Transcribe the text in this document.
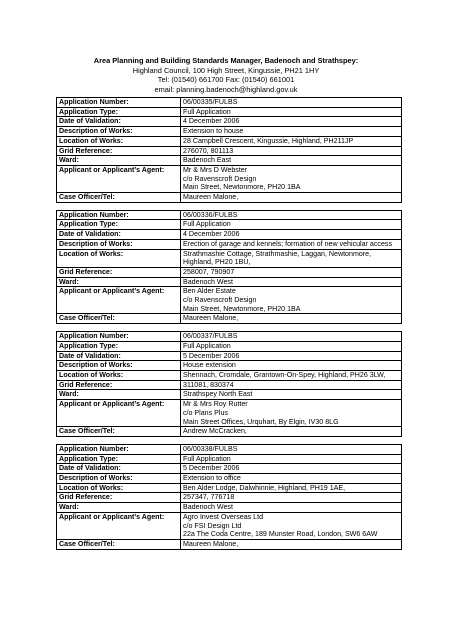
Area Planning and Building Standards Manager, Badenoch and Strathspey:
Highland Council, 100 High Street, Kingussie, PH21 1HY
Tel: (01540) 661700 Fax: (01540) 661001
email: planning.badenoch@highland.gov.uk
Application Number:	06/00335/FULBS
Application Type:	Full Application
Date of Validation:	4 December 2006
Description of Works:	Extension to house
Location of Works:	28 Campbell Crescent, Kingussie, Highland, PH211JP
Grid Reference:	276070, 801113
Ward:	Badenoch East
Applicant or Applicant’s Agent:	Mr & Mrs D Webster
c/o Ravenscroft Design
Main Street, Newtonmore, PH20 1BA

Case Officer/Tel:	Maureen Malone,
Application Number:	06/00336/FULBS
Application Type:	Full Application
Date of Validation:	4 December 2006
Description of Works:	Erection of garage and kennels; formation of new vehicular access
Location of Works:	Strathmashie Cottage, Strathmashie, Laggan, Newtonmore, Highland, PH20 1BU,
Grid Reference:	258007, 790907
Ward:	Badenoch West
Applicant or Applicant’s Agent:	Ben Alder Estate
c/o Ravenscroft Design
Main Street, Newtonmore, PH20 1BA

Case Officer/Tel:	Maureen Malone,
Application Number:	06/00337/FULBS
Application Type:	Full Application
Date of Validation:	5 December 2006
Description of Works:	House extension
Location of Works:	Shennach, Cromdale, Grantown-On-Spey, Highland, PH26 3LW,
Grid Reference:	311081, 830374
Ward:	Strathspey North East
Applicant or Applicant’s Agent:	Mr & Mrs Roy Rutter
c/o Plans Plus
Main Street Offices, Urquhart, By Elgin, IV30 8LG

Case Officer/Tel:	Andrew McCracken,
Application Number:	06/00338/FULBS
Application Type:	Full Application
Date of Validation:	5 December 2006
Description of Works:	Extension to office
Location of Works:	Ben Alder Lodge, Dalwhinnie, Highland, PH19 1AE,
Grid Reference:	257347, 776718
Ward:	Badenoch West
Applicant or Applicant’s Agent:	Agro Invest Overseas Ltd
c/o FSI Design Ltd
22a The Coda Centre, 189 Munster Road, London, SW6 6AW

Case Officer/Tel:	Maureen Malone,
